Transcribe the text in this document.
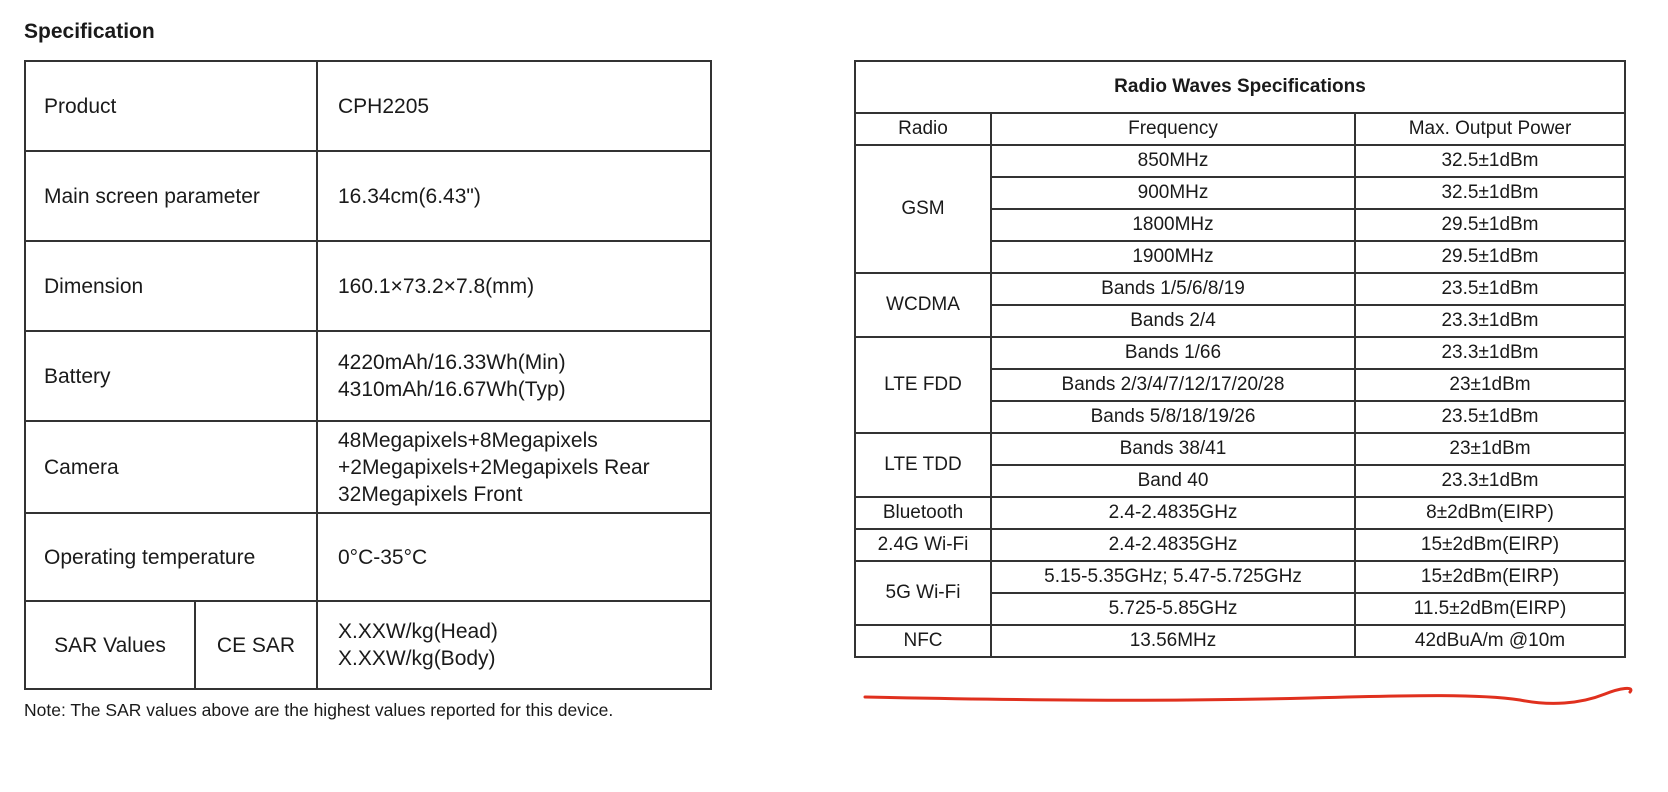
Specification
Product		CPH2205
Main screen parameter		16.34cm(6.43")
Dimension		160.1×73.2×7.8(mm)
Battery		4220mAh/16.33Wh(Min)
4310mAh/16.67Wh(Typ)
Camera		48Megapixels+8Megapixels
+2Megapixels+2Megapixels Rear
32Megapixels Front
Operating temperature		0°C-35°C
SAR Values	CE SAR	X.XXW/kg(Head)
X.XXW/kg(Body)

Note: The SAR values above are the highest values reported for this device.

Radio Waves Specifications		
Radio	Frequency	Max. Output Power
GSM	850MHz	32.5±1dBm
	900MHz	32.5±1dBm
	1800MHz	29.5±1dBm
	1900MHz	29.5±1dBm
WCDMA	Bands 1/5/6/8/19	23.5±1dBm
	Bands 2/4	23.3±1dBm
LTE FDD	Bands 1/66	23.3±1dBm
	Bands 2/3/4/7/12/17/20/28	23±1dBm
	Bands 5/8/18/19/26	23.5±1dBm
LTE TDD	Bands 38/41	23±1dBm
	Band 40	23.3±1dBm
Bluetooth	2.4-2.4835GHz	8±2dBm(EIRP)
2.4G Wi-Fi	2.4-2.4835GHz	15±2dBm(EIRP)
5G Wi-Fi	5.15-5.35GHz; 5.47-5.725GHz	15±2dBm(EIRP)
	5.725-5.85GHz	11.5±2dBm(EIRP)
NFC	13.56MHz	42dBuA/m @10m
